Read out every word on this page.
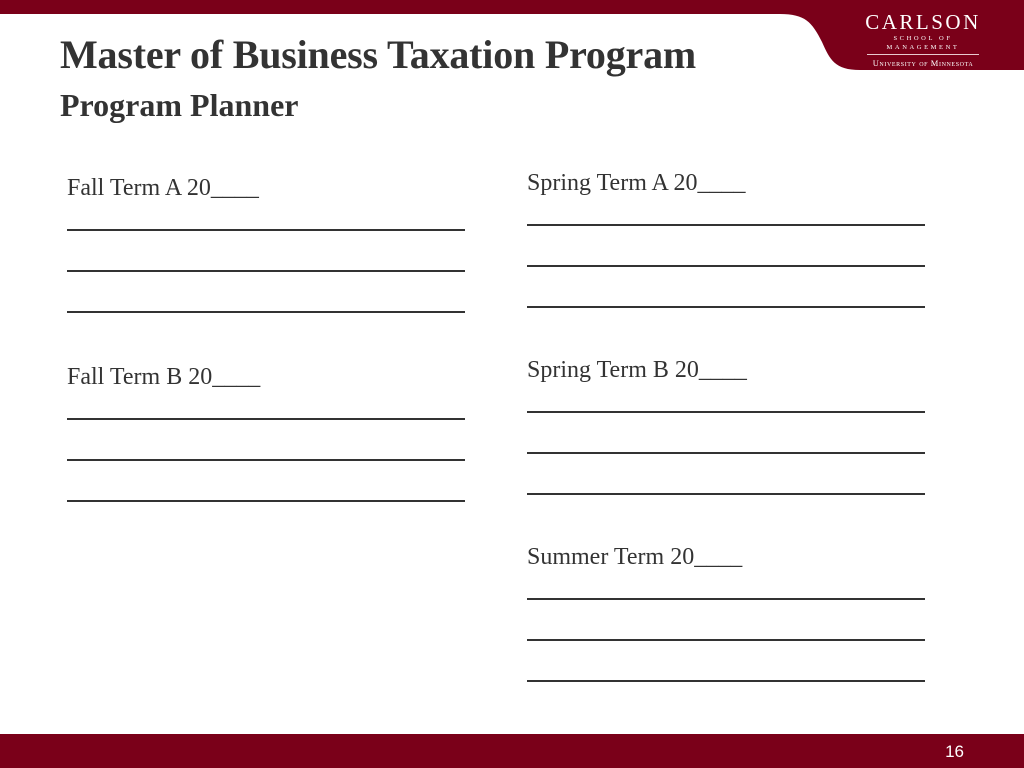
CARLSON
SCHOOL OF MANAGEMENT
University of Minnesota
Master of Business Taxation Program
Program Planner
Fall Term A 20____
Fall Term B 20____
Spring Term A 20____
Spring Term B 20____
Summer Term 20____
16
